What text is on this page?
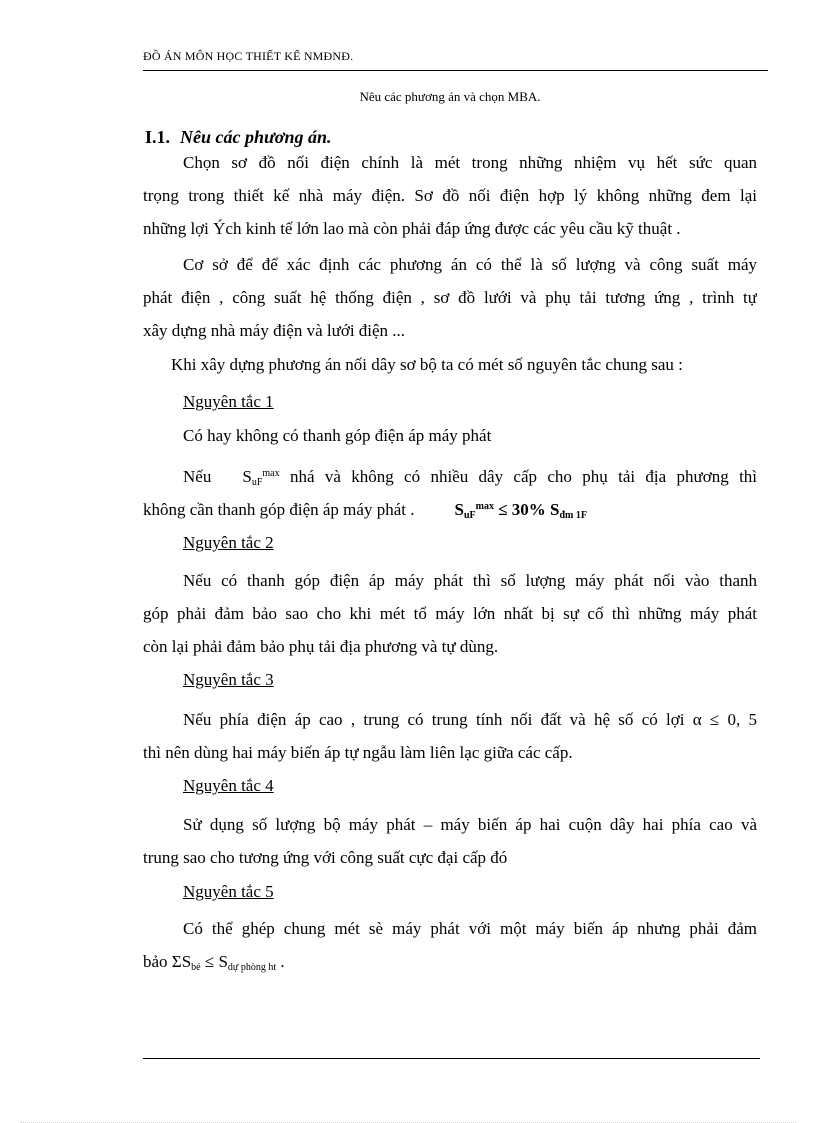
ĐỒ ÁN MÔN HỌC THIẾT KẾ NMĐNĐ.
Nêu các phương án và chọn MBA.
I.1. Nêu các phương án.
Chọn sơ đồ nối điện chính là mét trong những nhiệm vụ hết sức quan
trọng trong thiết kế nhà máy điện. Sơ đồ nối điện hợp lý không những đem lại
những lợi Ých kinh tế lớn lao mà còn phải đáp ứng được các yêu cầu kỹ thuật .
Cơ sở để để xác định các phương án có thể là số lượng và công suất máy
phát điện , công suất hệ thống điện , sơ đồ lưới và phụ tải tương ứng , trình tự
xây dựng nhà máy điện và lưới điện ...
Khi xây dựng phương án nối dây sơ bộ ta có mét số nguyên tắc chung sau :
Nguyên tắc 1
Có hay không có thanh góp điện áp máy phát
Nếu $S_{uF}^{max}$ nhá và không có nhiều dây cấp cho phụ tải địa phương thì
không cần thanh góp điện áp máy phát . $S_{uF}^{max} \le 30\%$ $S_{đm 1F}$
Nguyên tắc 2
Nếu có thanh góp điện áp máy phát thì số lượng máy phát nối vào thanh
góp phải đảm bảo sao cho khi mét tổ máy lớn nhất bị sự cố thì những máy phát
còn lại phải đảm bảo phụ tải địa phương và tự dùng.
Nguyên tắc 3
Nếu phía điện áp cao , trung có trung tính nối đất và hệ số có lợi α ≤ 0, 5
thì nên dùng hai máy biến áp tự ngẫu làm liên lạc giữa các cấp.
Nguyên tắc 4
Sử dụng số lượng bộ máy phát – máy biến áp hai cuộn dây hai phía cao và
trung sao cho tương ứng với công suất cực đại cấp đó
Nguyên tắc 5
Có thể ghép chung mét sè máy phát với một máy biến áp nhưng phải đảm
bảo $\Sigma S_{bé} \le S_{dự phòng ht}$ .
